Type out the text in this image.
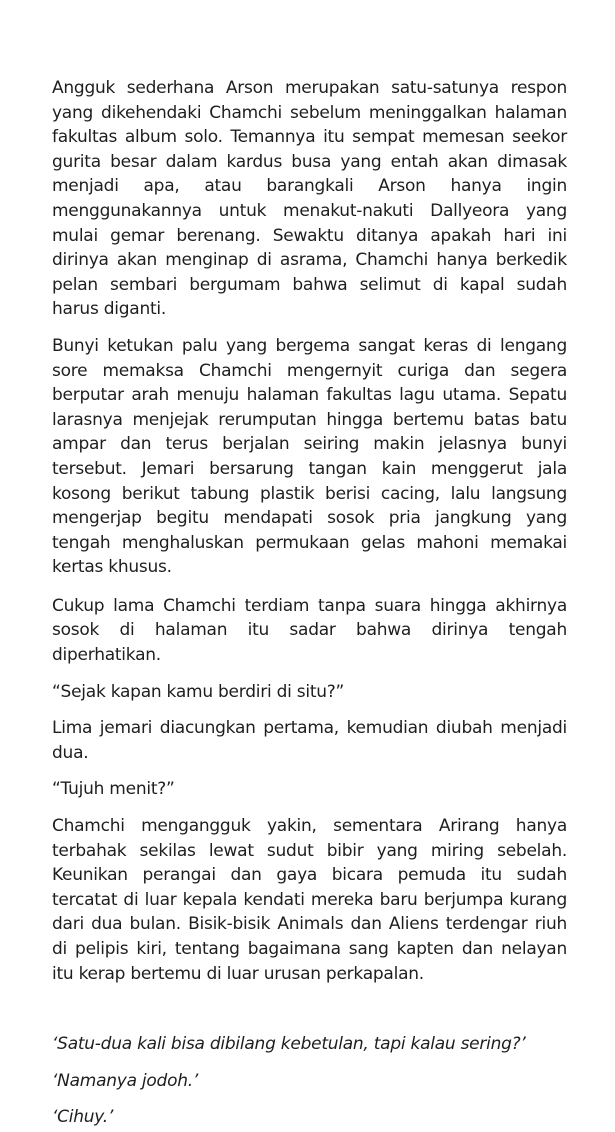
Angguk sederhana Arson merupakan satu-satunya respon yang dikehendaki Chamchi sebelum meninggalkan halaman fakultas album solo. Temannya itu sempat memesan seekor gurita besar dalam kardus busa yang entah akan dimasak menjadi apa, atau barangkali Arson hanya ingin menggunakannya untuk menakut-nakuti Dallyeora yang mulai gemar berenang. Sewaktu ditanya apakah hari ini dirinya akan menginap di asrama, Chamchi hanya berkedik pelan sembari bergumam bahwa selimut di kapal sudah harus diganti.

Bunyi ketukan palu yang bergema sangat keras di lengang sore memaksa Chamchi mengernyit curiga dan segera berputar arah menuju halaman fakultas lagu utama. Sepatu larasnya menjejak rerumputan hingga bertemu batas batu ampar dan terus berjalan seiring makin jelasnya bunyi tersebut. Jemari bersarung tangan kain menggerut jala kosong berikut tabung plastik berisi cacing, lalu langsung mengerjap begitu mendapati sosok pria jangkung yang tengah menghaluskan permukaan gelas mahoni memakai kertas khusus.

Cukup lama Chamchi terdiam tanpa suara hingga akhirnya sosok di halaman itu sadar bahwa dirinya tengah diperhatikan.

“Sejak kapan kamu berdiri di situ?”

Lima jemari diacungkan pertama, kemudian diubah menjadi dua.

“Tujuh menit?”

Chamchi mengangguk yakin, sementara Arirang hanya terbahak sekilas lewat sudut bibir yang miring sebelah. Keunikan perangai dan gaya bicara pemuda itu sudah tercatat di luar kepala kendati mereka baru berjumpa kurang dari dua bulan. Bisik-bisik Animals dan Aliens terdengar riuh di pelipis kiri, tentang bagaimana sang kapten dan nelayan itu kerap bertemu di luar urusan perkapalan.

‘Satu-dua kali bisa dibilang kebetulan, tapi kalau sering?’

‘Namanya jodoh.’

‘Cihuy.’
